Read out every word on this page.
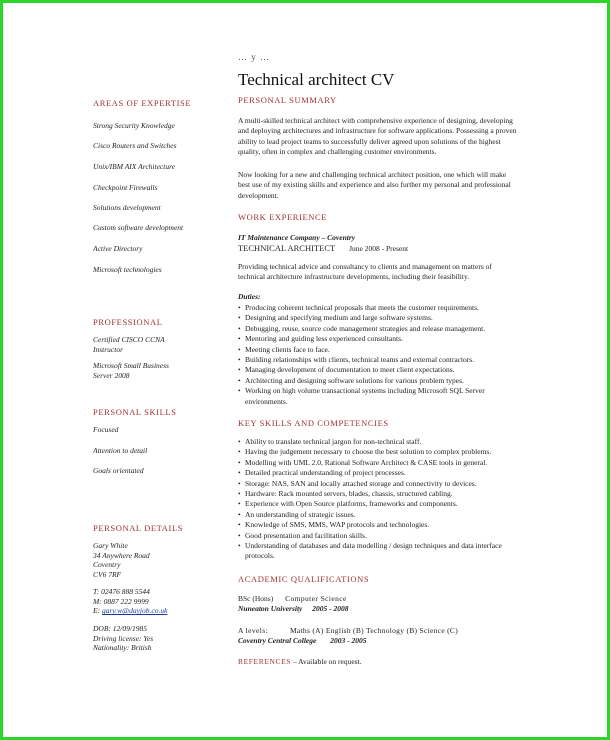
… y …
Technical architect CV
AREAS OF EXPERTISE
Strong Security Knowledge
Cisco Routers and Switches
Unix/IBM AIX Architecture
Checkpoint Firewalls
Solutions development
Custom software development
Active Directory
Microsoft technologies
PROFESSIONAL
Certified CISCO CCNA
Instructor
Microsoft Small Business
Server 2008
PERSONAL SKILLS
Focused
Attention to detail
Goals orientated
PERSONAL DETAILS
Gary White
34 Anywhere Road
Coventry
CV6 7RF
T: 02476 888 5544
M: 0887 222 9999
E: gary.w@dayjob.co.uk
DOB: 12/09/1985
Driving license: Yes
Nationality: British
PERSONAL SUMMARY
A multi-skilled technical architect with comprehensive experience of designing, developing and deploying architectures and infrastructure for software applications. Possessing a proven ability to lead project teams to successfully deliver agreed upon solutions of the highest quality, often in complex and challenging customer environments.
Now looking for a new and challenging technical architect position, one which will make best use of my existing skills and experience and also further my personal and professional development.
WORK EXPERIENCE
IT Maintenance Company – Coventry
TECHNICAL ARCHITECT June 2008 - Present
Providing technical advice and consultancy to clients and management on matters of technical architecture infrastructure developments, including their feasibility.
Duties:
• Producing coherent technical proposals that meets the customer requirements.
• Designing and specifying medium and large software systems.
• Debugging, reuse, source code management strategies and release management.
• Mentoring and guiding less experienced consultants.
• Meeting clients face to face.
• Building relationships with clients, technical teams and external contractors.
• Managing development of documentation to meet client expectations.
• Architecting and designing software solutions for various problem types.
• Working on high volume transactional systems including Microsoft SQL Server environments.
KEY SKILLS AND COMPETENCIES
• Ability to translate technical jargon for non-technical staff.
• Having the judgement necessary to choose the best solution to complex problems.
• Modelling with UML 2.0, Rational Software Architect & CASE tools in general.
• Detailed practical understanding of project processes.
• Storage: NAS, SAN and locally attached storage and connectivity to devices.
• Hardware: Rack mounted servers, blades, chassis, structured cabling.
• Experience with Open Source platforms, frameworks and components.
• An understanding of strategic issues.
• Knowledge of SMS, MMS, WAP protocols and technologies.
• Good presentation and facilitation skills.
• Understanding of databases and data modelling / design techniques and data interface protocols.
ACADEMIC QUALIFICATIONS
BSc (Hons) Computer Science
Nuneaton University 2005 - 2008
A levels:	Maths (A) English (B) Technology (B) Science (C)
Coventry Central College 2003 - 2005
REFERENCES – Available on request.
